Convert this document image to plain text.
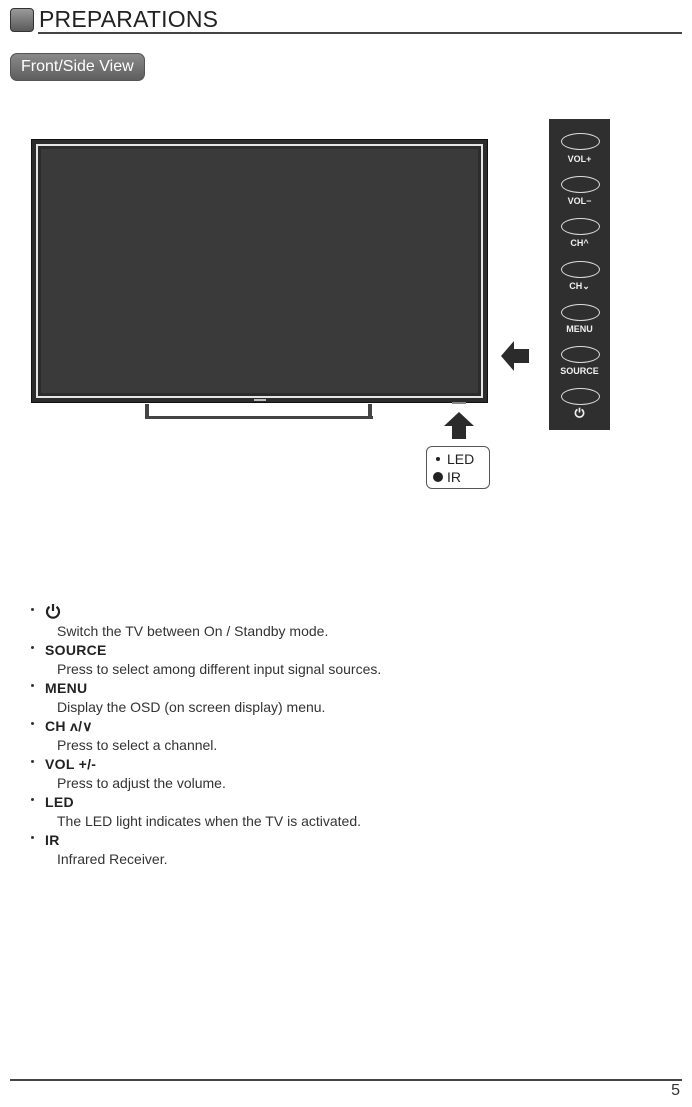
PREPARATIONS
Front/Side View
LED
IR
VOL+
VOL−
CH^
CH⌄
MENU
SOURCE
Switch the TV between On / Standby mode.
SOURCE
Press to select among different input signal sources.
MENU
Display the OSD (on screen display) menu.
CH ʌ/∨
Press to select a channel.
VOL +/-
Press to adjust the volume.
LED
The LED light indicates when the TV is activated.
IR
Infrared Receiver.
5
